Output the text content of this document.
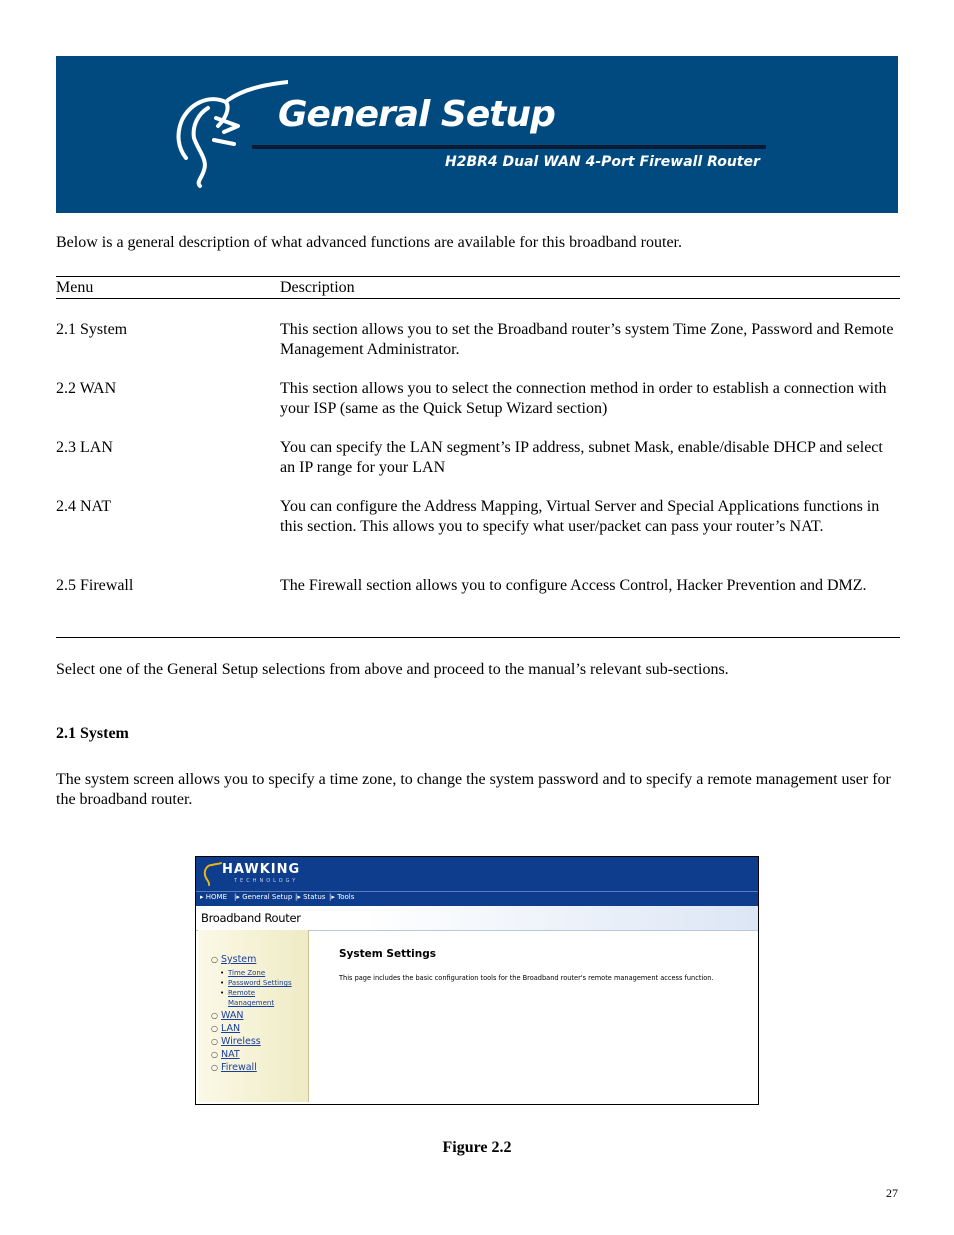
General Setup
H2BR4 Dual WAN 4-Port Firewall Router
Below is a general description of what advanced functions are available for this broadband router.
Menu	Description
2.1 System	This section allows you to set the Broadband router’s system Time Zone, Password and Remote Management Administrator.
2.2 WAN	This section allows you to select the connection method in order to establish a connection with your ISP (same as the Quick Setup Wizard section)
2.3 LAN	You can specify the LAN segment’s IP address, subnet Mask, enable/disable DHCP and select an IP range for your LAN
2.4 NAT	You can configure the Address Mapping, Virtual Server and Special Applications functions in this section. This allows you to specify what user/packet can pass your router’s NAT.
2.5 Firewall	The Firewall section allows you to configure Access Control, Hacker Prevention and DMZ.
Select one of the General Setup selections from above and proceed to the manual’s relevant sub-sections.
2.1 System
The system screen allows you to specify a time zone, to change the system password and to specify a remote management user for the broadband router.
HAWKING
TECHNOLOGY
▸ HOME |▸ General Setup |▸ Status |▸ Tools
Broadband Router
○ System
• Time Zone
• Password Settings
• Remote
Management
○ WAN
○ LAN
○ Wireless
○ NAT
○ Firewall
System Settings
This page includes the basic configuration tools for the Broadband router's remote management access function.
Figure 2.2
27
